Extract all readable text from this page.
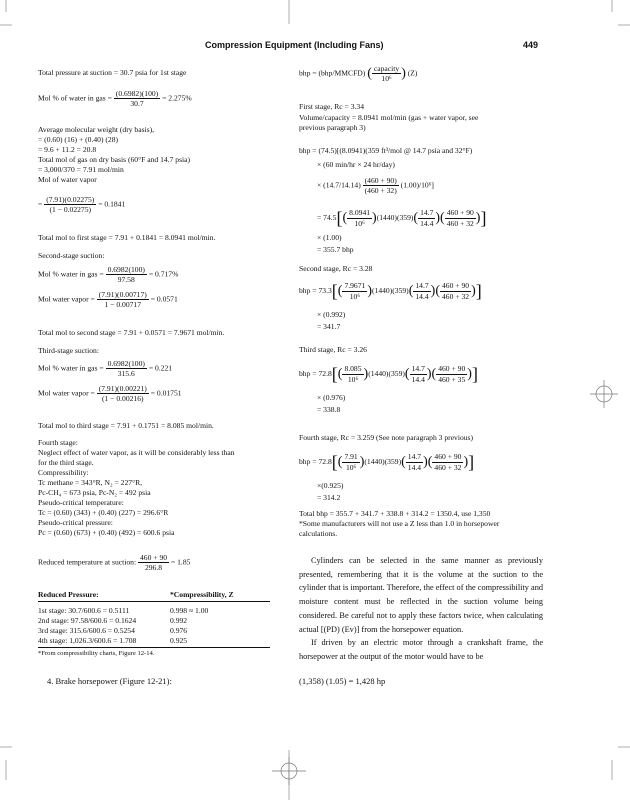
Compression Equipment (Including Fans)	449
Total pressure at suction = 30.7 psia for 1st stage
Mol % of water in gas = $\frac{(0.6982)(100)}{30.7} = 2.275\%$
Average molecular weight (dry basis),
= (0.60) (16) + (0.40) (28)
= 9.6 + 11.2 = 20.8
Total mol of gas on dry basis (60°F and 14.7 psia)
= 3,000/370 = 7.91 mol/min
Mol of water vapor
= $\frac{(7.91)(0.02275)}{(1 - 0.02275)} = 0.1841$
Total mol to first stage = 7.91 + 0.1841 = 8.0941 mol/min.
Second-stage suction:
Mol % water in gas = $\frac{0.6982(100)}{97.58} = 0.717\%$
Mol water vapor = $\frac{(7.91)(0.00717)}{1 - 0.00717} = 0.0571$
Total mol to second stage = 7.91 + 0.0571 = 7.9671 mol/min.
Third-stage suction:
Mol % water in gas = $\frac{0.6982(100)}{315.6} = 0.221$
Mol water vapor = $\frac{(7.91)(0.00221)}{(1 - 0.00216)} = 0.01751$
Total mol to third stage = 7.91 + 0.1751 = 8.085 mol/min.
Fourth stage:
Neglect effect of water vapor, as it will be considerably less than
for the third stage.
Compressibility:
Tc methane = 343°R, N₂ = 227°R,
Pc-CH₄ = 673 psia, Pc-N₂ = 492 psia
Pseudo-critical temperature:
Tc = (0.60) (343) + (0.40) (227) = 296.6°R
Pseudo-critical pressure:
Pc = (0.60) (673) + (0.40) (492) = 600.6 psia
Reduced temperature at suction: $\frac{460 + 90}{296.8} = 1.85$
Reduced Pressure:	*Compressibility, Z
1st stage: 30.7/600.6 = 0.5111	0.998 ≈ 1.00
2nd stage: 97.58/600.6 = 0.1624	0.992
3rd stage: 315.6/600.6 = 0.5254	0.976
4th stage: 1,026.3/600.6 = 1.708	0.925
*From compressibility charts, Figure 12-14.
4. Brake horsepower (Figure 12-21):
bhp = (bhp/MMCFD) ( $\frac{\text{capacity}}{\text{10⁶}}$ ) (Z)
First stage, Rc = 3.34
Volume/capacity = 8.0941 mol/min (gas + water vapor, see
previous paragraph 3)
bhp = (74.5)[(8.0941)(359 ft³/mol @ 14.7 psia and 32°F)
× (60 min/hr × 24 hr/day)
× $(14.7/14.14) \frac{(460 + 90)}{(460 + 32)} (1.00)/10^6$]
= $74.5[( \frac{8.0941}{\text{10⁶}} )(1440)(359)( \frac{14.7}{14.4}$ )( $\frac{460 + 90}{460 + 32}$ )]
× (1.00)
= 355.7 bhp
Second stage, Rc = 3.28
bhp = $73.3[( \frac{7.9671}{\text{10⁶}} )(1440)(359)( \frac{14.7}{14.4}$ )( $\frac{460 + 90}{460 + 32}$ )]
× (0.992)
= 341.7
Third stage, Rc = 3.26
bhp = $72.8[( \frac{8.085}{\text{10⁶}} )(1440)(359)( \frac{14.7}{14.4}$ )( $\frac{460 + 90}{460 + 35}$ )]
× (0.976)
= 338.8
Fourth stage, Rc = 3.259 (See note paragraph 3 previous)
bhp = $72.8[( \frac{7.91}{\text{10⁶}} )(1440)(359)( \frac{14.7}{14.4}$ )( $\frac{460 + 90}{460 + 32}$ )]
×(0.925)
= 314.2
Total bhp = 355.7 + 341.7 + 338.8 + 314.2 = 1350.4, use 1,350
*Some manufacturers will not use a Z less than 1.0 in horsepower
calculations.
Cylinders can be selected in the same manner as previously presented, remembering that it is the volume at the suction to the cylinder that is important. Therefore, the effect of the compressibility and moisture content must be reflected in the suction volume being considered. Be careful not to apply these factors twice, when calculating actual [(PD) (Ev)] from the horsepower equation.
If driven by an electric motor through a crankshaft frame, the horsepower at the output of the motor would have to be
(1,358) (1.05) = 1,428 hp
